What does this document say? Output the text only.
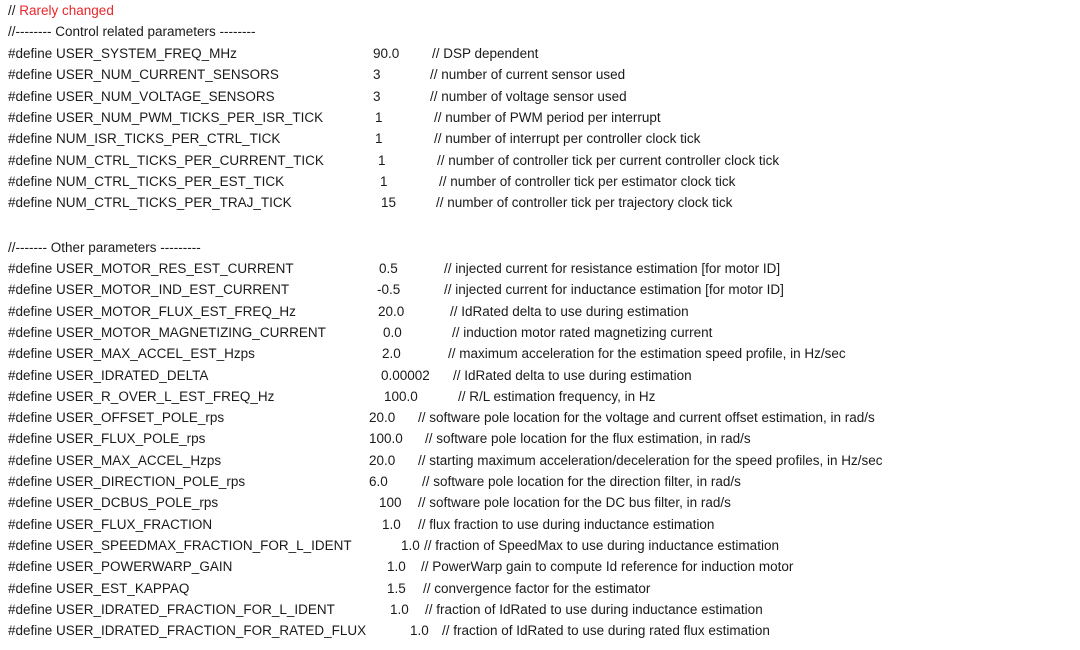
// Rarely changed
//-------- Control related parameters --------
#define USER_SYSTEM_FREQ_MHz	90.0 // DSP dependent
#define USER_NUM_CURRENT_SENSORS	3	// number of current sensor used
#define USER_NUM_VOLTAGE_SENSORS	3	// number of voltage sensor used
#define USER_NUM_PWM_TICKS_PER_ISR_TICK	1	// number of PWM period per interrupt
#define NUM_ISR_TICKS_PER_CTRL_TICK	1	// number of interrupt per controller clock tick
#define NUM_CTRL_TICKS_PER_CURRENT_TICK	1	// number of controller tick per current controller clock tick
#define NUM_CTRL_TICKS_PER_EST_TICK	1	// number of controller tick per estimator clock tick
#define NUM_CTRL_TICKS_PER_TRAJ_TICK	15	// number of controller tick per trajectory clock tick
//------- Other parameters ---------
#define USER_MOTOR_RES_EST_CURRENT	0.5	// injected current for resistance estimation [for motor ID]
#define USER_MOTOR_IND_EST_CURRENT	-0.5	// injected current for inductance estimation [for motor ID]
#define USER_MOTOR_FLUX_EST_FREQ_Hz	20.0	// IdRated delta to use during estimation
#define USER_MOTOR_MAGNETIZING_CURRENT	0.0	// induction motor rated magnetizing current
#define USER_MAX_ACCEL_EST_Hzps	2.0	// maximum acceleration for the estimation speed profile, in Hz/sec
#define USER_IDRATED_DELTA	0.00002 // IdRated delta to use during estimation
#define USER_R_OVER_L_EST_FREQ_Hz	100.0	// R/L estimation frequency, in Hz
#define USER_OFFSET_POLE_rps	20.0 // software pole location for the voltage and current offset estimation, in rad/s
#define USER_FLUX_POLE_rps	100.0 // software pole location for the flux estimation, in rad/s
#define USER_MAX_ACCEL_Hzps	20.0 // starting maximum acceleration/deceleration for the speed profiles, in Hz/sec
#define USER_DIRECTION_POLE_rps	6.0	// software pole location for the direction filter, in rad/s
#define USER_DCBUS_POLE_rps	100 // software pole location for the DC bus filter, in rad/s
#define USER_FLUX_FRACTION	1.0 // flux fraction to use during inductance estimation
#define USER_SPEEDMAX_FRACTION_FOR_L_IDENT	1.0 // fraction of SpeedMax to use during inductance estimation
#define USER_POWERWARP_GAIN	1.0 // PowerWarp gain to compute Id reference for induction motor
#define USER_EST_KAPPAQ	1.5 // convergence factor for the estimator
#define USER_IDRATED_FRACTION_FOR_L_IDENT	1.0 // fraction of IdRated to use during inductance estimation
#define USER_IDRATED_FRACTION_FOR_RATED_FLUX	1.0 // fraction of IdRated to use during rated flux estimation
